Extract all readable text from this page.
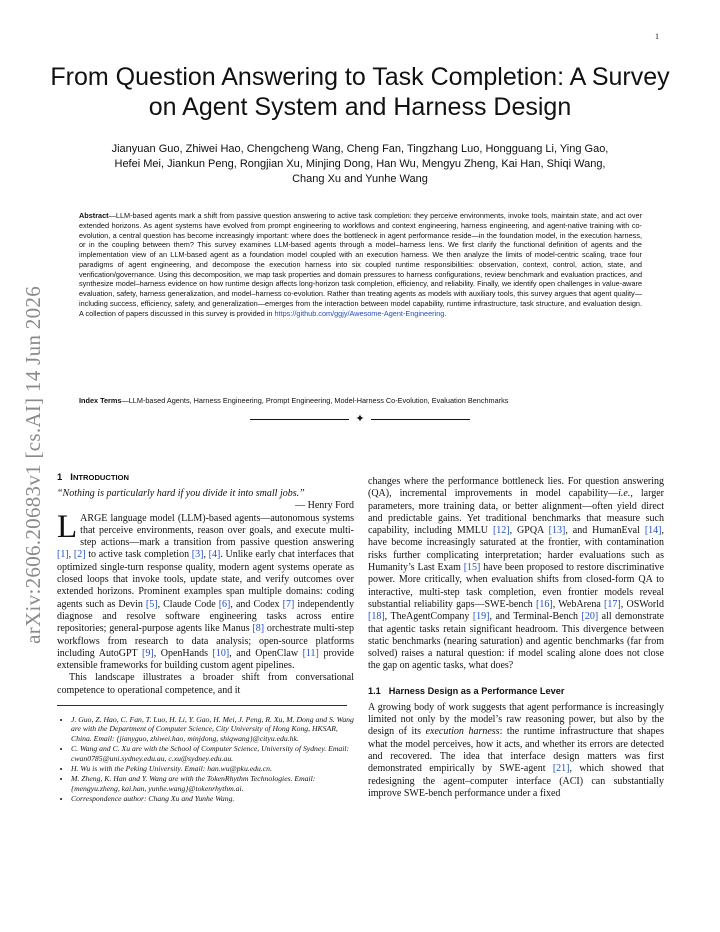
1
arXiv:2606.20683v1 [cs.AI] 14 Jun 2026
From Question Answering to Task Completion: A Survey on Agent System and Harness Design
Jianyuan Guo, Zhiwei Hao, Chengcheng Wang, Cheng Fan, Tingzhang Luo, Hongguang Li, Ying Gao,
Hefei Mei, Jiankun Peng, Rongjian Xu, Minjing Dong, Han Wu, Mengyu Zheng, Kai Han, Shiqi Wang,
Chang Xu and Yunhe Wang

Abstract—LLM-based agents mark a shift from passive question answering to active task completion: they perceive environments, invoke tools, maintain state, and act over extended horizons. As agent systems have evolved from prompt engineering to workflows and context engineering, harness engineering, and agent-native training with co-evolution, a central question has become increasingly important: where does the bottleneck in agent performance reside—in the foundation model, in the execution harness, or in the coupling between them? This survey examines LLM-based agents through a model–harness lens. We first clarify the functional definition of agents and the implementation view of an LLM-based agent as a foundation model coupled with an execution harness. We then analyze the limits of model-centric scaling, trace four paradigms of agent engineering, and decompose the execution harness into six coupled runtime responsibilities: observation, context, control, action, state, and verification/governance. Using this decomposition, we map task properties and domain pressures to harness configurations, review benchmark and evaluation practices, and synthesize model–harness evidence on how runtime design affects long-horizon task completion, efficiency, and reliability. Finally, we identify open challenges in value-aware evaluation, safety, harness generalization, and model–harness co-evolution. Rather than treating agents as models with auxiliary tools, this survey argues that agent quality—including success, efficiency, safety, and generalization—emerges from the interaction between model capability, runtime infrastructure, task structure, and evaluation design. A collection of papers discussed in this survey is provided in https://github.com/ggjy/Awesome-Agent-Engineering.

Index Terms—LLM-based Agents, Harness Engineering, Prompt Engineering, Model-Harness Co-Evolution, Evaluation Benchmarks

✦
1 INTRODUCTION

“Nothing is particularly hard if you divide it into small jobs.”

— Henry Ford

LARGE language model (LLM)-based agents—autonomous systems that perceive environments, reason over goals, and execute multi-step actions—mark a transition from passive question answering [1], [2] to active task completion [3], [4]. Unlike early chat interfaces that optimized single-turn response quality, modern agent systems operate as closed loops that invoke tools, update state, and verify outcomes over extended horizons. Prominent examples span multiple domains: coding agents such as Devin [5], Claude Code [6], and Codex [7] independently diagnose and resolve software engineering tasks across entire repositories; general-purpose agents like Manus [8] orchestrate multi-step workflows from research to data analysis; open-source platforms including AutoGPT [9], OpenHands [10], and OpenClaw [11] provide extensible frameworks for building custom agent pipelines.

This landscape illustrates a broader shift from conversational competence to operational competence, and it

• J. Guo, Z. Hao, C. Fan, T. Luo, H. Li, Y. Gao, H. Mei, J. Peng, R. Xu, M. Dong and S. Wang are with the Department of Computer Science, City University of Hong Kong, HKSAR, China. Email: {jianyguo, zhiwei.hao, minjdong, shiqwang}@cityu.edu.hk.
• C. Wang and C. Xu are with the School of Computer Science, University of Sydney. Email: cwan0785@uni.sydney.edu.au, c.xu@sydney.edu.au.
• H. Wu is with the Peking University. Email: han.wu@pku.edu.cn.
• M. Zheng, K. Han and Y. Wang are with the TokenRhythm Technologies. Email: {mengyu.zheng, kai.han, yunhe.wang}@tokenrhythm.ai.
• Correspondence author: Chang Xu and Yunhe Wang.

changes where the performance bottleneck lies. For question answering (QA), incremental improvements in model capability—i.e., larger parameters, more training data, or better alignment—often yield direct and predictable gains. Yet traditional benchmarks that measure such capability, including MMLU [12], GPQA [13], and HumanEval [14], have become increasingly saturated at the frontier, with contamination risks further complicating interpretation; harder evaluations such as Humanity’s Last Exam [15] have been proposed to restore discriminative power. More critically, when evaluation shifts from closed-form QA to interactive, multi-step task completion, even frontier models reveal substantial reliability gaps—SWE-bench [16], WebArena [17], OSWorld [18], TheAgentCompany [19], and Terminal-Bench [20] all demonstrate that agentic tasks retain significant headroom. This divergence between static benchmarks (nearing saturation) and agentic benchmarks (far from solved) raises a natural question: if model scaling alone does not close the gap on agentic tasks, what does?

1.1 Harness Design as a Performance Lever

A growing body of work suggests that agent performance is increasingly limited not only by the model’s raw reasoning power, but also by the design of its execution harness: the runtime infrastructure that shapes what the model perceives, how it acts, and whether its errors are detected and recovered. The idea that interface design matters was first demonstrated empirically by SWE-agent [21], which showed that redesigning the agent–computer interface (ACI) can substantially improve SWE-bench performance under a fixed
